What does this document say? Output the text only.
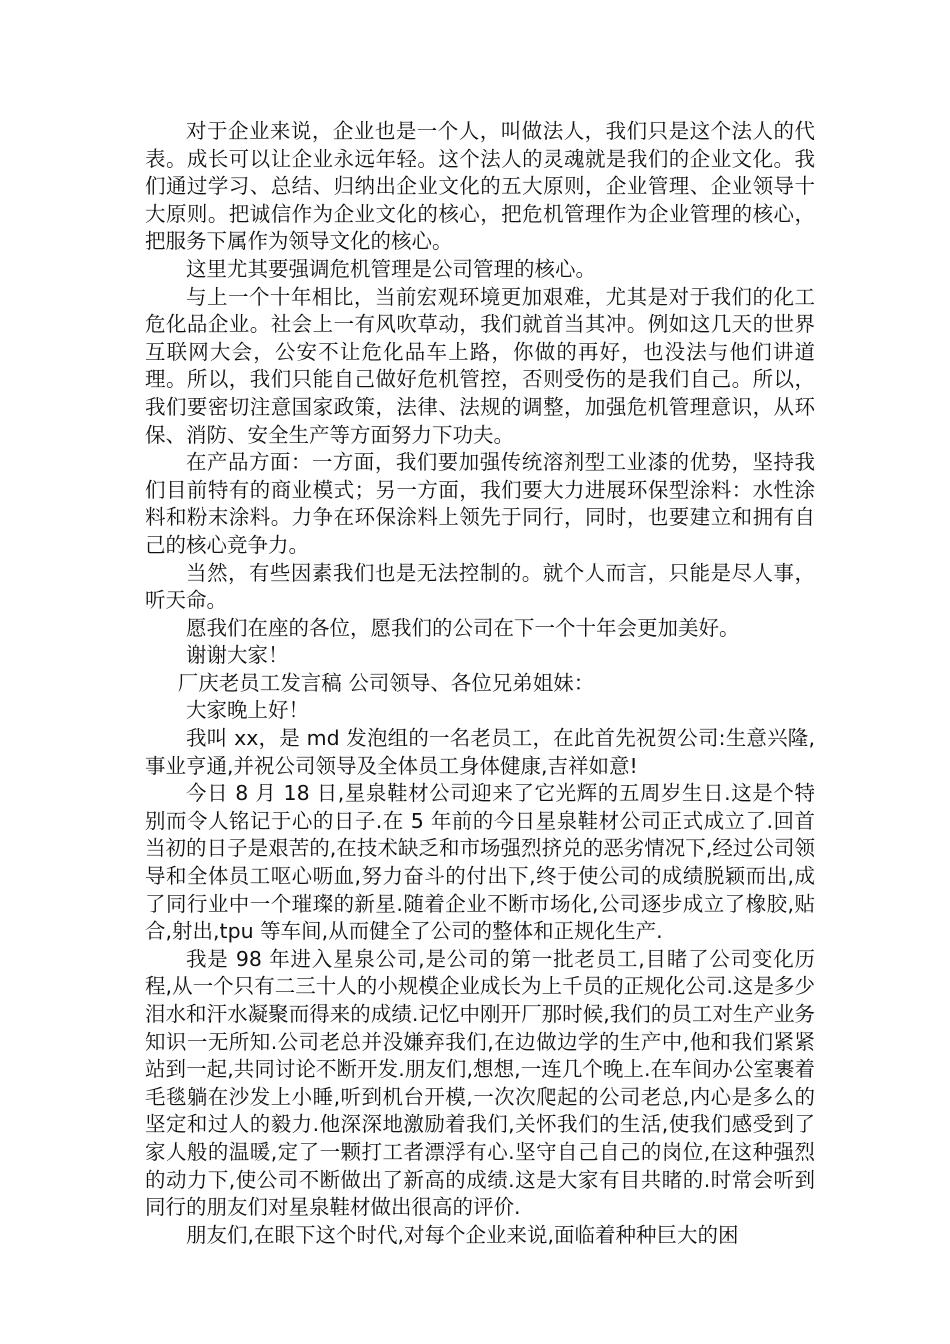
对于企业来说，企业也是一个人，叫做法人，我们只是这个法人的代表。成长可以让企业永远年轻。这个法人的灵魂就是我们的企业文化。我们通过学习、总结、归纳出企业文化的五大原则，企业管理、企业领导十大原则。把诚信作为企业文化的核心，把危机管理作为企业管理的核心，把服务下属作为领导文化的核心。

这里尤其要强调危机管理是公司管理的核心。

与上一个十年相比，当前宏观环境更加艰难，尤其是对于我们的化工危化品企业。社会上一有风吹草动，我们就首当其冲。例如这几天的世界互联网大会，公安不让危化品车上路，你做的再好，也没法与他们讲道理。所以，我们只能自己做好危机管控，否则受伤的是我们自己。所以，我们要密切注意国家政策，法律、法规的调整，加强危机管理意识，从环保、消防、安全生产等方面努力下功夫。

在产品方面：一方面，我们要加强传统溶剂型工业漆的优势，坚持我们目前特有的商业模式；另一方面，我们要大力进展环保型涂料：水性涂料和粉末涂料。力争在环保涂料上领先于同行，同时，也要建立和拥有自己的核心竞争力。

当然，有些因素我们也是无法控制的。就个人而言，只能是尽人事，听天命。

愿我们在座的各位，愿我们的公司在下一个十年会更加美好。

谢谢大家！

厂庆老员工发言稿 公司领导、各位兄弟姐妹：

大家晚上好！

我叫 xx，是 md 发泡组的一名老员工，在此首先祝贺公司:生意兴隆,事业亨通,并祝公司领导及全体员工身体健康,吉祥如意!

今日 8 月 18 日,星泉鞋材公司迎来了它光辉的五周岁生日.这是个特别而令人铭记于心的日子.在 5 年前的今日星泉鞋材公司正式成立了.回首当初的日子是艰苦的,在技术缺乏和市场强烈挤兑的恶劣情况下,经过公司领导和全体员工呕心呖血,努力奋斗的付出下,终于使公司的成绩脱颖而出,成了同行业中一个璀璨的新星.随着企业不断市场化,公司逐步成立了橡胶,贴合,射出,tpu 等车间,从而健全了公司的整体和正规化生产.

我是 98 年进入星泉公司,是公司的第一批老员工,目睹了公司变化历程,从一个只有二三十人的小规模企业成长为上千员的正规化公司.这是多少泪水和汗水凝聚而得来的成绩.记忆中刚开厂那时候,我们的员工对生产业务知识一无所知.公司老总并没嫌弃我们,在边做边学的生产中,他和我们紧紧站到一起,共同讨论不断开发.朋友们,想想,一连几个晚上.在车间办公室裹着毛毯躺在沙发上小睡,听到机台开模,一次次爬起的公司老总,内心是多么的坚定和过人的毅力.他深深地激励着我们,关怀我们的生活,使我们感受到了家人般的温暖,定了一颗打工者漂浮有心.坚守自己自己的岗位,在这种强烈的动力下,使公司不断做出了新高的成绩.这是大家有目共睹的.时常会听到同行的朋友们对星泉鞋材做出很高的评价.

朋友们,在眼下这个时代,对每个企业来说,面临着种种巨大的困
